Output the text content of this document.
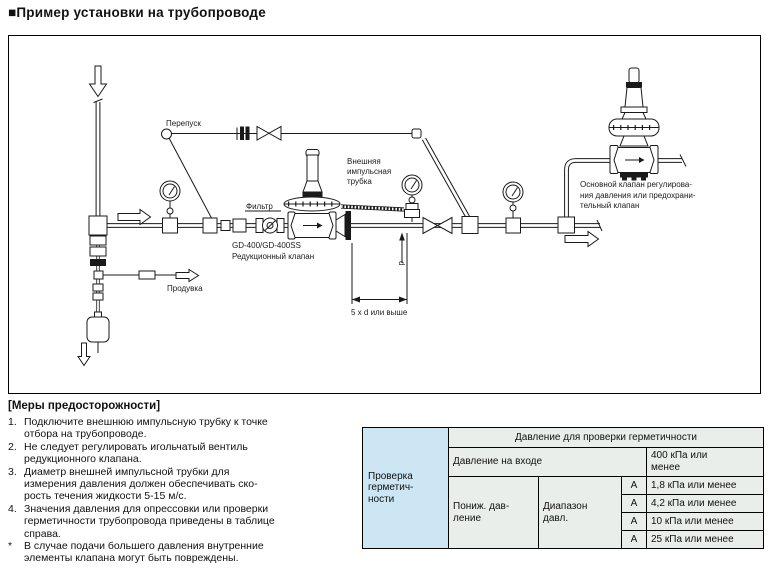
■Пример установки на трубопроводе
Перепуск
Внешняя
импульсная
трубка
Фильтр
GD-400/GD-400SS
Редукционный клапан
Продувка
Основной клапан регулирова-
ния давления или предохрани-
тельный клапан
d
5 x d или выше
[Меры предосторожности]
1. Подключите внешнюю импульсную трубку к точке
отбора на трубопроводе.
2. Не следует регулировать игольчатый вентиль
редукционного клапана.
3. Диаметр внешней импульсной трубки для
измерения давления должен обеспечивать ско-
рость течения жидкости 5-15 м/с.
4. Значения давления для опрессовки или проверки
герметичности трубопровода приведены в таблице
справа.
*	В случае подачи большего давления внутренние
элементы клапана могут быть повреждены.
Проверка герметич-ности	Давление для проверки герметичности			
	Давление на входе			400 кПа или менее

	Пониж. дав-ление	Диапазон давл.	А	1,8 кПа или менее
			А	4,2 кПа или менее
			А	10 кПа или менее
			А	25 кПа или менее
